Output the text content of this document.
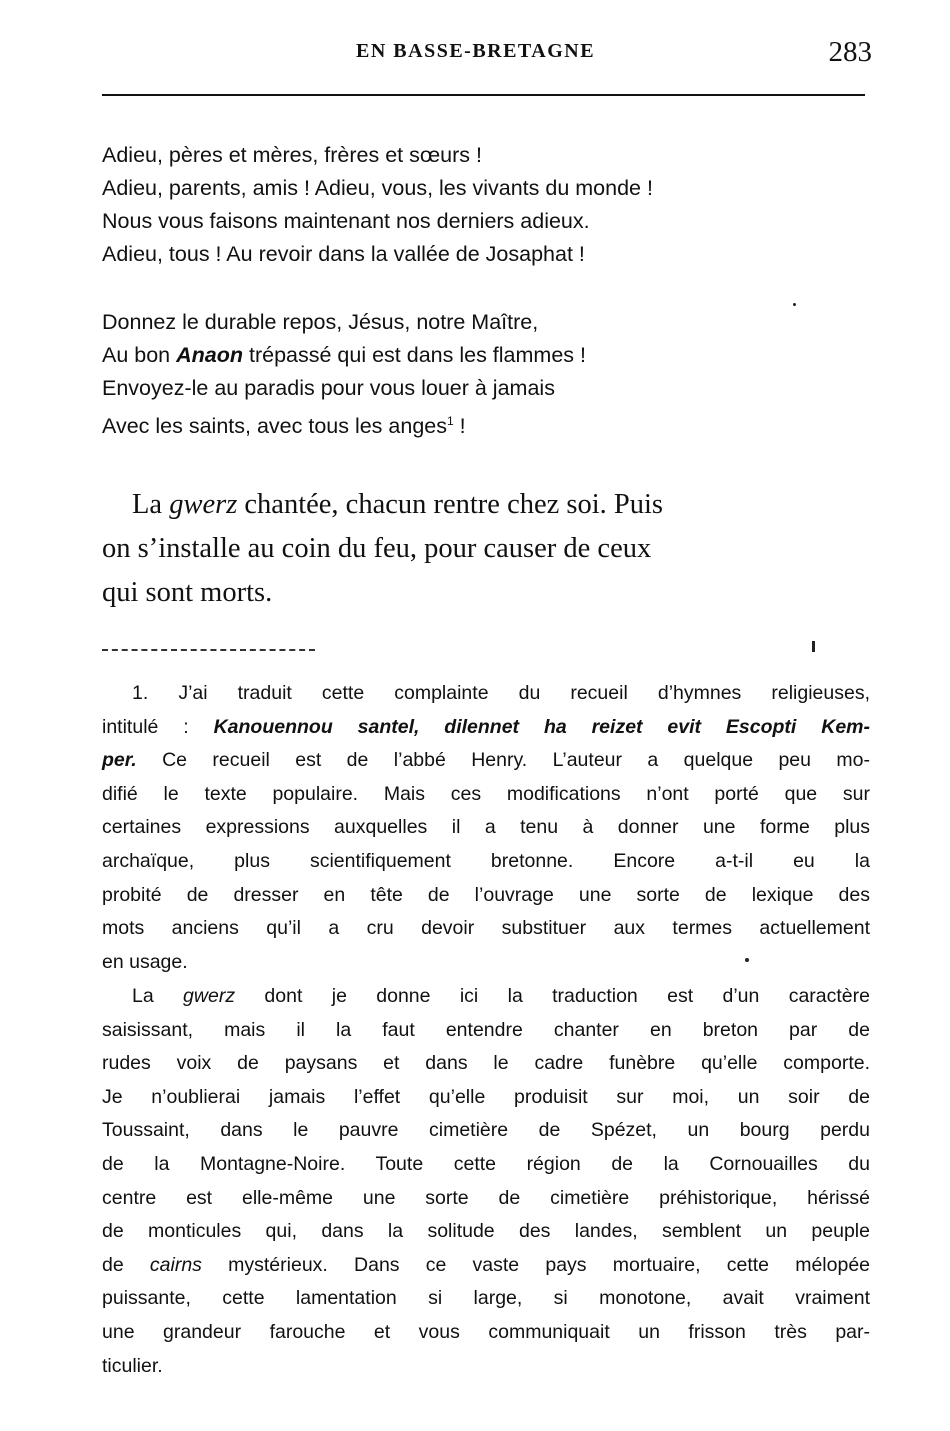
EN BASSE-BRETAGNE	283
Adieu, pères et mères, frères et sœurs !
Adieu, parents, amis ! Adieu, vous, les vivants du monde !
Nous vous faisons maintenant nos derniers adieux.
Adieu, tous ! Au revoir dans la vallée de Josaphat !
Donnez le durable repos, Jésus, notre Maître,
Au bon Anaon trépassé qui est dans les flammes !
Envoyez-le au paradis pour vous louer à jamais
Avec les saints, avec tous les anges$^1$ !
La gwerz chantée, chacun rentre chez soi. Puis
on s’installe au coin du feu, pour causer de ceux
qui sont morts.
1. J’ai traduit cette complainte du recueil d’hymnes religieuses,
intitulé : Kanouennou santel, dilennet ha reizet evit Escopti Kem-
per. Ce recueil est de l’abbé Henry. L’auteur a quelque peu mo-
difié le texte populaire. Mais ces modifications n’ont porté que sur
certaines expressions auxquelles il a tenu à donner une forme plus
archaïque, plus scientifiquement bretonne. Encore a-t-il eu la
probité de dresser en tête de l’ouvrage une sorte de lexique des
mots anciens qu’il a cru devoir substituer aux termes actuellement
en usage.
La gwerz dont je donne ici la traduction est d’un caractère
saisissant, mais il la faut entendre chanter en breton par de
rudes voix de paysans et dans le cadre funèbre qu’elle comporte.
Je n’oublierai jamais l’effet qu’elle produisit sur moi, un soir de
Toussaint, dans le pauvre cimetière de Spézet, un bourg perdu
de la Montagne-Noire. Toute cette région de la Cornouailles du
centre est elle-même une sorte de cimetière préhistorique, hérissé
de monticules qui, dans la solitude des landes, semblent un peuple
de cairns mystérieux. Dans ce vaste pays mortuaire, cette mélopée
puissante, cette lamentation si large, si monotone, avait vraiment
une grandeur farouche et vous communiquait un frisson très par-
ticulier.
